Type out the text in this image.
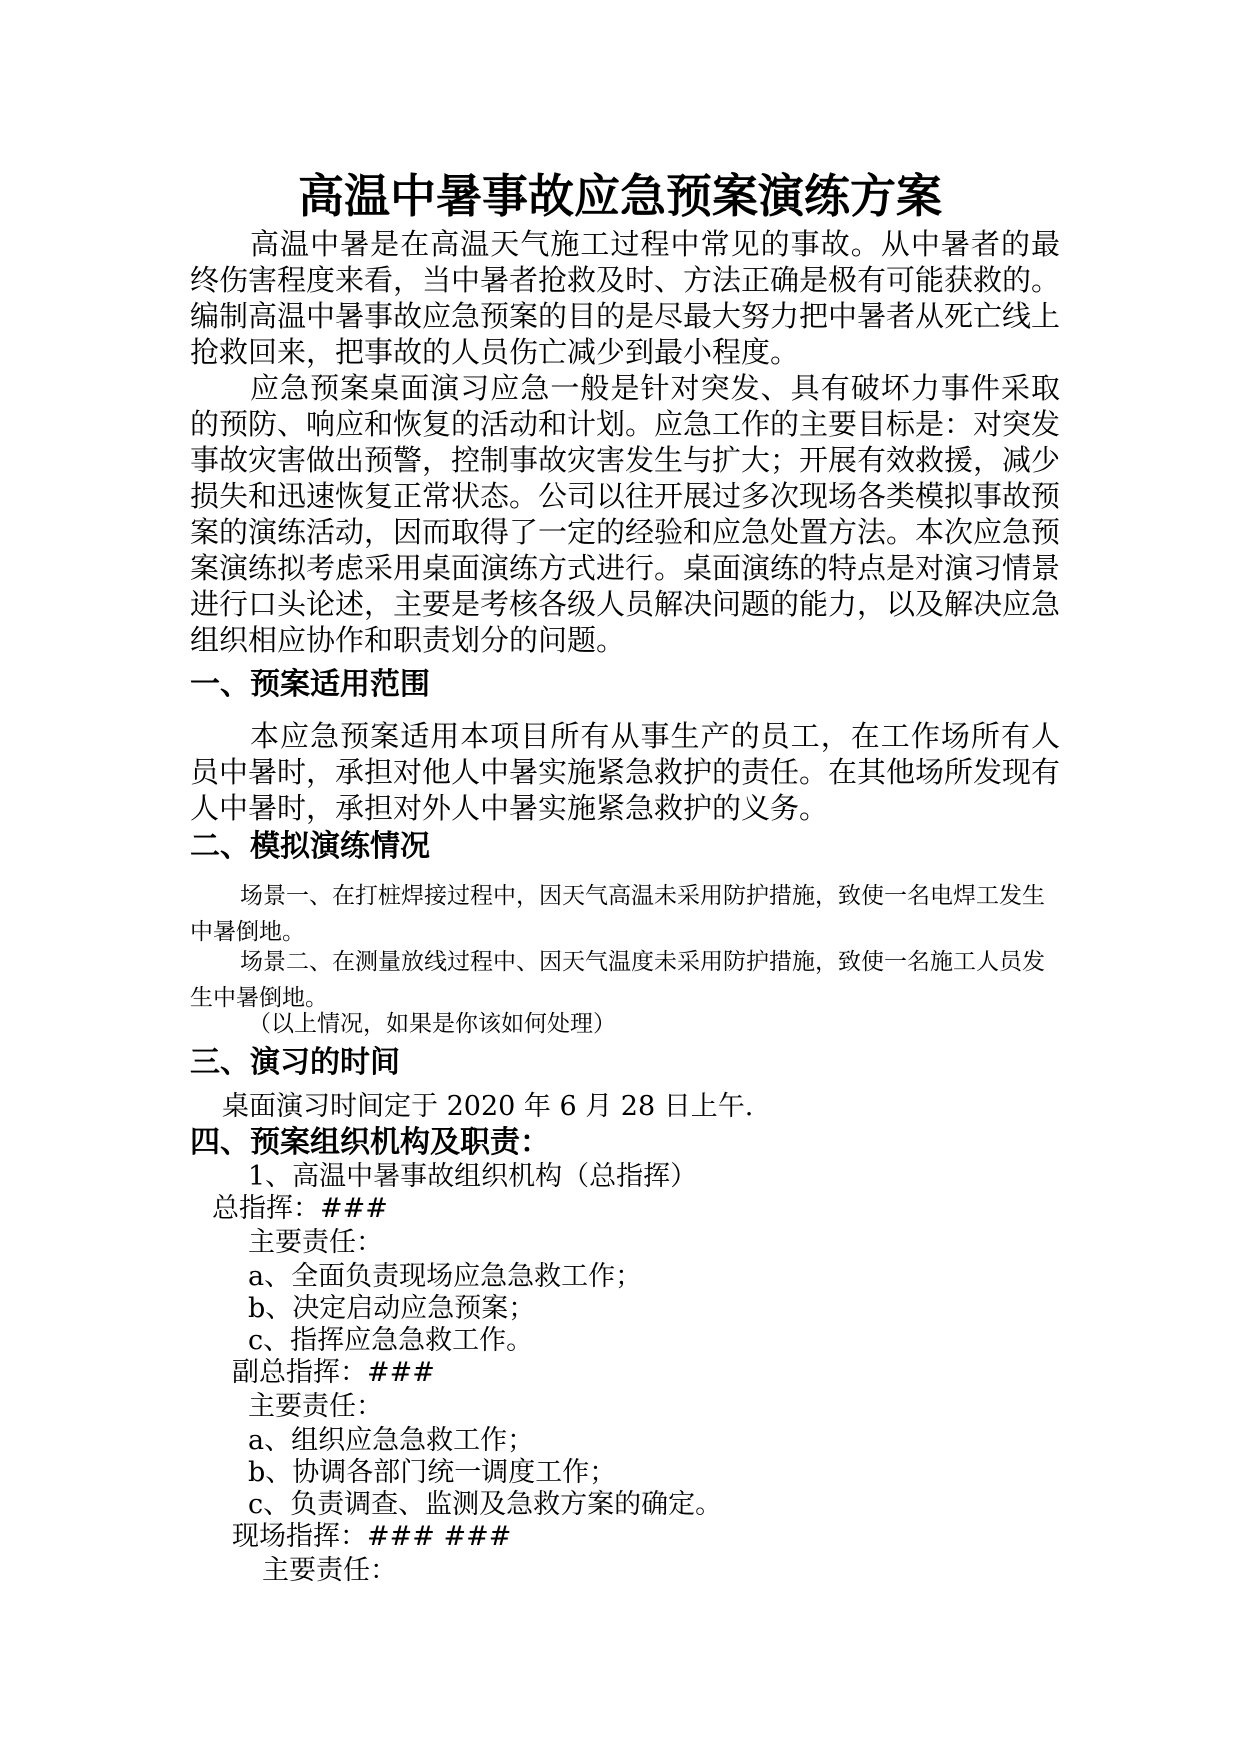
高温中暑事故应急预案演练方案
高温中暑是在高温天气施工过程中常见的事故。从中暑者的最终伤害程度来看，当中暑者抢救及时、方法正确是极有可能获救的。编制高温中暑事故应急预案的目的是尽最大努力把中暑者从死亡线上抢救回来，把事故的人员伤亡减少到最小程度。
应急预案桌面演习应急一般是针对突发、具有破坏力事件采取的预防、响应和恢复的活动和计划。应急工作的主要目标是：对突发事故灾害做出预警，控制事故灾害发生与扩大；开展有效救援，减少损失和迅速恢复正常状态。公司以往开展过多次现场各类模拟事故预案的演练活动，因而取得了一定的经验和应急处置方法。本次应急预案演练拟考虑采用桌面演练方式进行。桌面演练的特点是对演习情景进行口头论述，主要是考核各级人员解决问题的能力，以及解决应急组织相应协作和职责划分的问题。
一、预案适用范围
本应急预案适用本项目所有从事生产的员工，在工作场所有人员中暑时，承担对他人中暑实施紧急救护的责任。在其他场所发现有人中暑时，承担对外人中暑实施紧急救护的义务。
二、模拟演练情况
场景一、在打桩焊接过程中，因天气高温未采用防护措施，致使一名电焊工发生中暑倒地。
场景二、在测量放线过程中、因天气温度未采用防护措施，致使一名施工人员发生中暑倒地。
（以上情况，如果是你该如何处理）
三、演习的时间
桌面演习时间定于 2020 年 6 月 28 日上午.
四、预案组织机构及职责：
1、高温中暑事故组织机构（总指挥）
总指挥：###
主要责任：
a、全面负责现场应急急救工作；
b、决定启动应急预案；
c、指挥应急急救工作。
副总指挥：###
主要责任：
a、组织应急急救工作；
b、协调各部门统一调度工作；
c、负责调查、监测及急救方案的确定。
现场指挥：### ###
主要责任：
